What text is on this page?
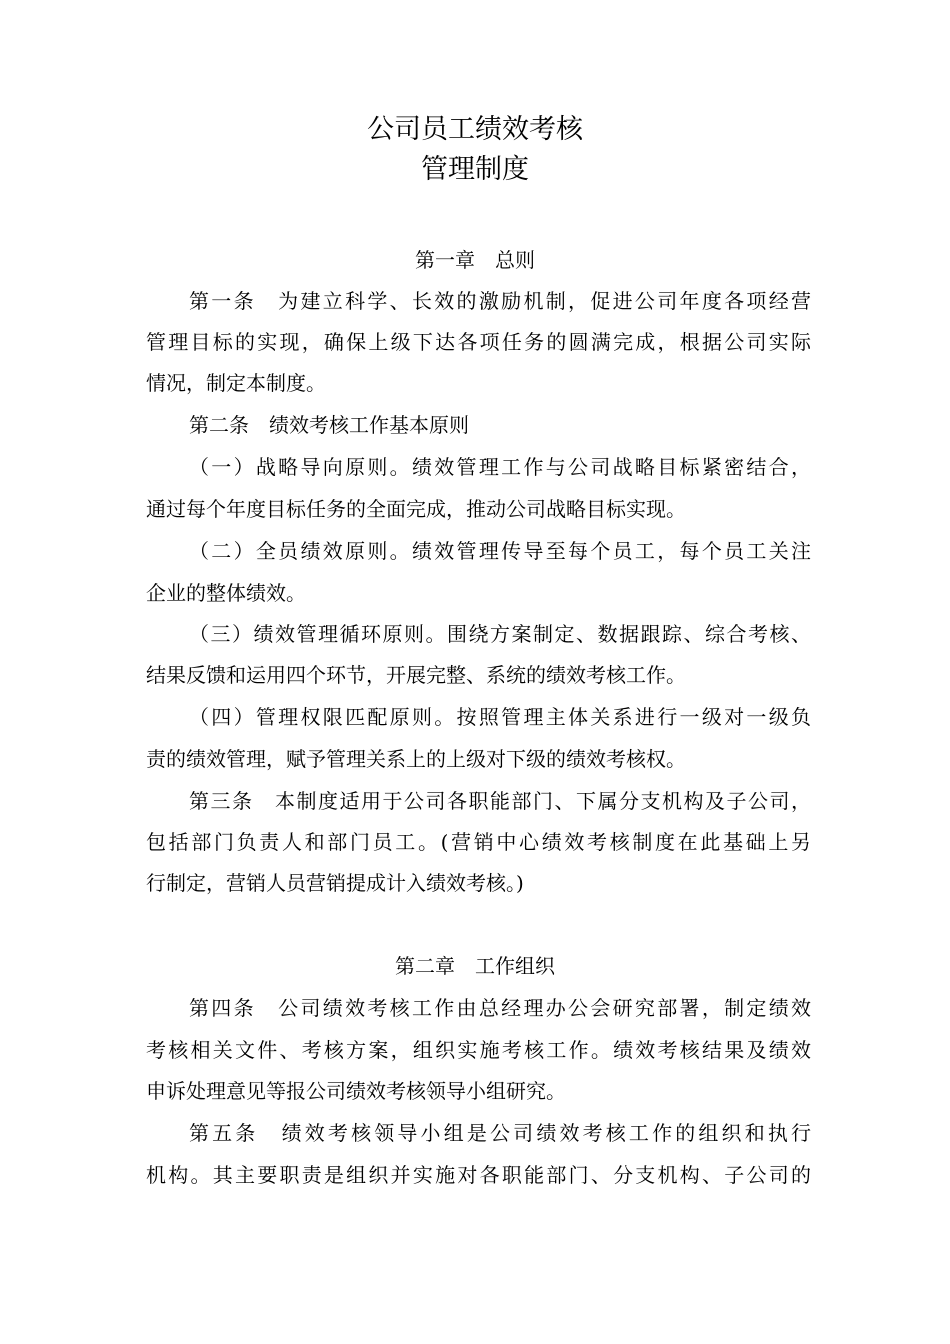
公司员工绩效考核
管理制度
第一章 总则
第一条 为建立科学、长效的激励机制，促进公司年度各项经营
管理目标的实现，确保上级下达各项任务的圆满完成，根据公司实际
情况，制定本制度。
第二条 绩效考核工作基本原则
（一）战略导向原则。绩效管理工作与公司战略目标紧密结合，
通过每个年度目标任务的全面完成，推动公司战略目标实现。
（二）全员绩效原则。绩效管理传导至每个员工，每个员工关注
企业的整体绩效。
（三）绩效管理循环原则。围绕方案制定、数据跟踪、综合考核、
结果反馈和运用四个环节，开展完整、系统的绩效考核工作。
（四）管理权限匹配原则。按照管理主体关系进行一级对一级负
责的绩效管理，赋予管理关系上的上级对下级的绩效考核权。
第三条 本制度适用于公司各职能部门、下属分支机构及子公司，
包括部门负责人和部门员工。(营销中心绩效考核制度在此基础上另
行制定，营销人员营销提成计入绩效考核。)
第二章 工作组织
第四条 公司绩效考核工作由总经理办公会研究部署，制定绩效
考核相关文件、考核方案，组织实施考核工作。绩效考核结果及绩效
申诉处理意见等报公司绩效考核领导小组研究。
第五条 绩效考核领导小组是公司绩效考核工作的组织和执行
机构。其主要职责是组织并实施对各职能部门、分支机构、子公司的
